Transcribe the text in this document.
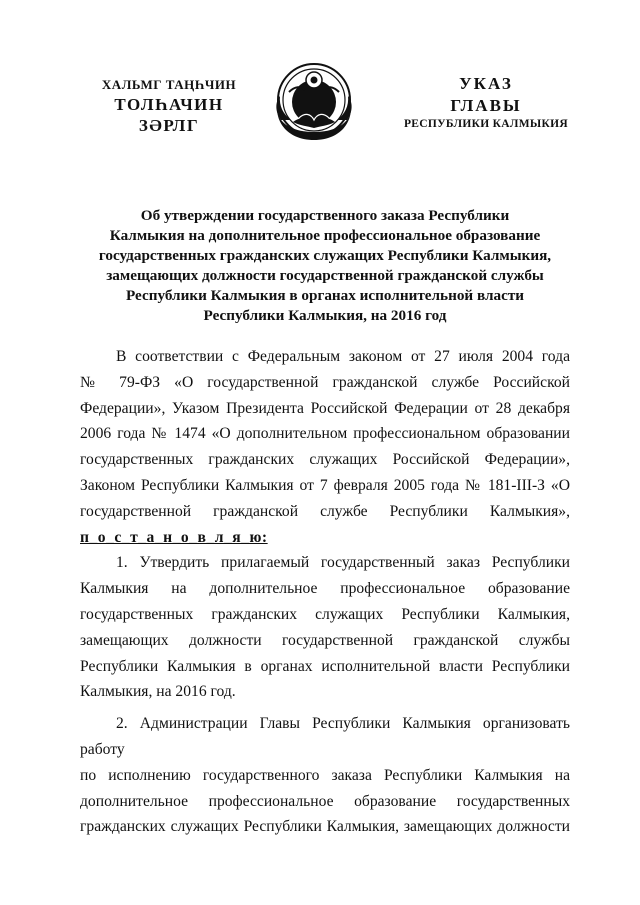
ХАЛЬМГ ТАҢҺЧИН
ТОЛҺАЧИН
ЗӘРЛГ
УКАЗ
ГЛАВЫ
РЕСПУБЛИКИ КАЛМЫКИЯ
Об утверждении государственного заказа Республики
Калмыкия на дополнительное профессиональное образование
государственных гражданских служащих Республики Калмыкия,
замещающих должности государственной гражданской службы
Республики Калмыкия в органах исполнительной власти
Республики Калмыкия, на 2016 год

В соответствии с Федеральным законом от 27 июля 2004 года

№ 79-ФЗ «О государственной гражданской службе Российской

Федерации», Указом Президента Российской Федерации от 28 декабря

2006 года № 1474 «О дополнительном профессиональном образовании

государственных гражданских служащих Российской Федерации»,

Законом Республики Калмыкия от 7 февраля 2005 года № 181-III-З «О

государственной гражданской службе Республики Калмыкия»,

п_о_с_т_а_н_о_в_л_я_ю:

1. Утвердить прилагаемый государственный заказ Республики

Калмыкия на дополнительное профессиональное образование

государственных гражданских служащих Республики Калмыкия,

замещающих должности государственной гражданской службы

Республики Калмыкия в органах исполнительной власти Республики

Калмыкия, на 2016 год.

2. Администрации Главы Республики Калмыкия организовать работу

по исполнению государственного заказа Республики Калмыкия на

дополнительное профессиональное образование государственных

гражданских служащих Республики Калмыкия, замещающих должности
